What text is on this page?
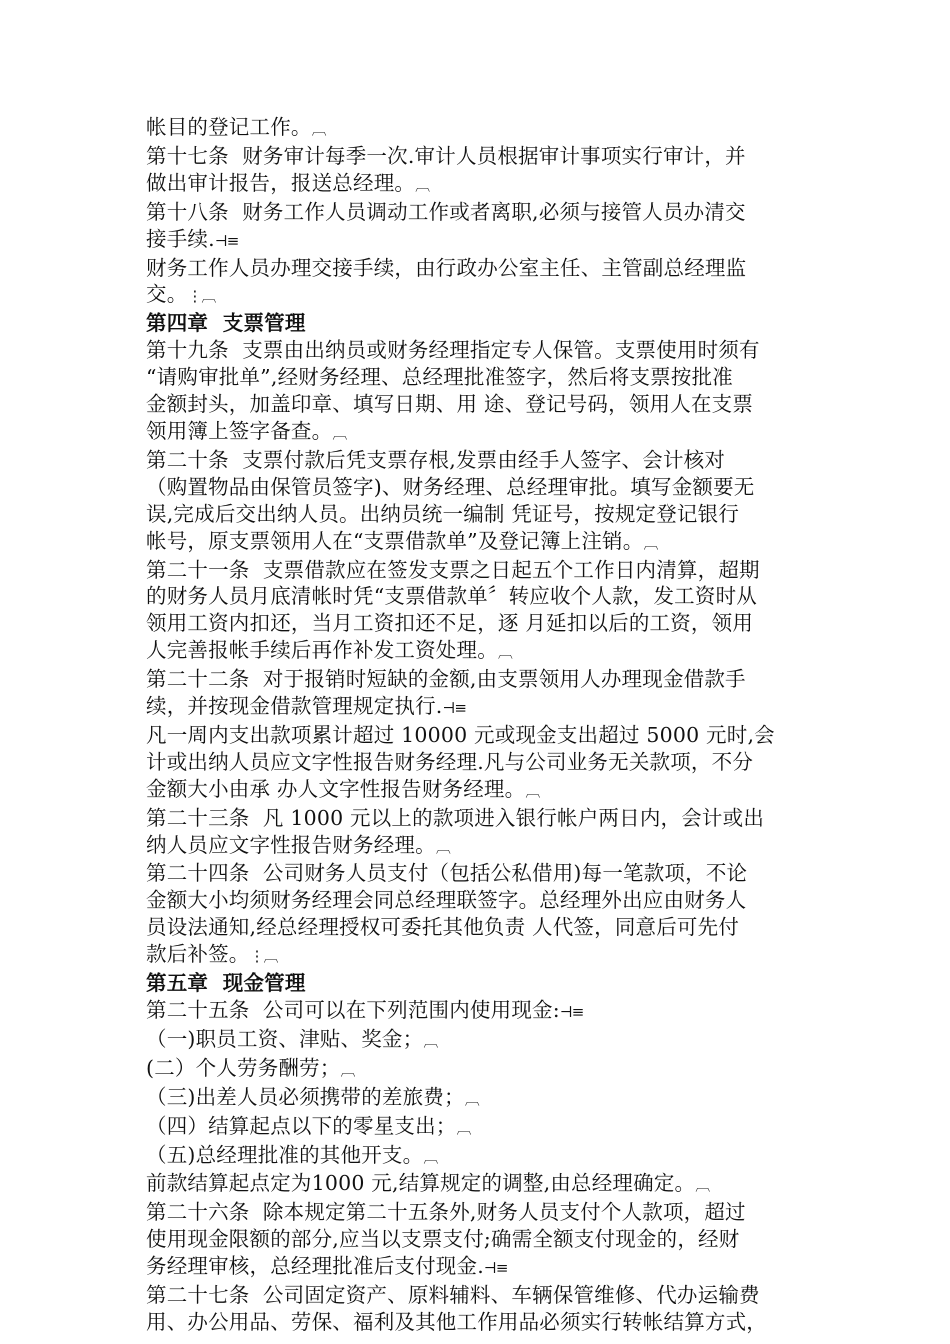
帐目的登记工作。︹

第十七条  财务审计每季一次.审计人员根据审计事项实行审计，并

做出审计报告，报送总经理。︹

第十八条  财务工作人员调动工作或者离职,必须与接管人员办清交

接手续.⊣≡

财务工作人员办理交接手续，由行政办公室主任、主管副总经理监

交。⋮︹

第四章  支票管理

第十九条  支票由出纳员或财务经理指定专人保管。支票使用时须有

“请购审批单”,经财务经理、总经理批准签字，然后将支票按批准

金额封头，加盖印章、填写日期、用 途、登记号码，领用人在支票

领用簿上签字备查。︹

第二十条  支票付款后凭支票存根,发票由经手人签字、会计核对

（购置物品由保管员签字)、财务经理、总经理审批。填写金额要无

误,完成后交出纳人员。出纳员统一编制 凭证号，按规定登记银行

帐号，原支票领用人在“支票借款单”及登记簿上注销。︹

第二十一条  支票借款应在签发支票之日起五个工作日内清算，超期

的财务人员月底清帐时凭“支票借款单〞转应收个人款，发工资时从

领用工资内扣还，当月工资扣还不足，逐 月延扣以后的工资，领用

人完善报帐手续后再作补发工资处理。︹

第二十二条  对于报销时短缺的金额,由支票领用人办理现金借款手

续，并按现金借款管理规定执行.⊣≡

凡一周内支出款项累计超过 10000 元或现金支出超过 5000 元时,会

计或出纳人员应文字性报告财务经理.凡与公司业务无关款项，不分

金额大小由承 办人文字性报告财务经理。︹

第二十三条  凡 1000 元以上的款项进入银行帐户两日内，会计或出

纳人员应文字性报告财务经理。︹

第二十四条  公司财务人员支付（包括公私借用)每一笔款项，不论

金额大小均须财务经理会同总经理联签字。总经理外出应由财务人

员设法通知,经总经理授权可委托其他负责 人代签，同意后可先付

款后补签。⋮︹

第五章  现金管理

第二十五条  公司可以在下列范围内使用现金:⊣≡

（一)职员工资、津贴、奖金；︹

(二）个人劳务酬劳；︹

（三)出差人员必须携带的差旅费；︹

（四）结算起点以下的零星支出；︹

（五)总经理批准的其他开支。︹

前款结算起点定为1000 元,结算规定的调整,由总经理确定。︹

第二十六条  除本规定第二十五条外,财务人员支付个人款项，超过

使用现金限额的部分,应当以支票支付;确需全额支付现金的，经财

务经理审核，总经理批准后支付现金.⊣≡

第二十七条  公司固定资产、原料辅料、车辆保管维修、代办运输费

用、办公用品、劳保、福利及其他工作用品必须实行转帐结算方式，
